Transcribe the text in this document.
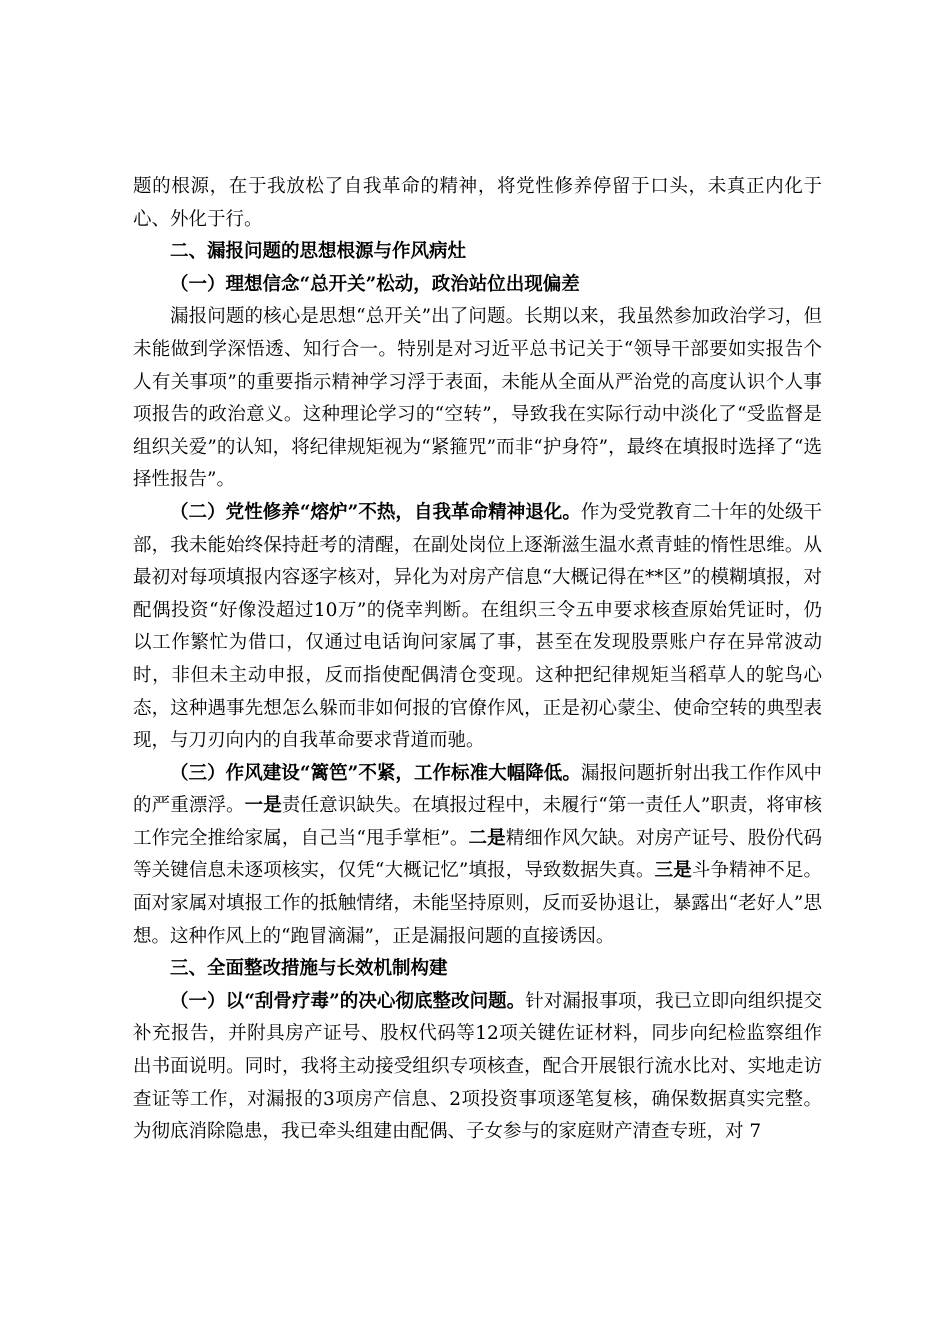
题的根源，在于我放松了自我革命的精神，将党性修养停留于口头，未真正内化于心、外化于行。

二、漏报问题的思想根源与作风病灶

（一）理想信念“总开关”松动，政治站位出现偏差

漏报问题的核心是思想“总开关”出了问题。长期以来，我虽然参加政治学习，但未能做到学深悟透、知行合一。特别是对习近平总书记关于“领导干部要如实报告个人有关事项”的重要指示精神学习浮于表面，未能从全面从严治党的高度认识个人事项报告的政治意义。这种理论学习的“空转”，导致我在实际行动中淡化了“受监督是组织关爱”的认知，将纪律规矩视为“紧箍咒”而非“护身符”，最终在填报时选择了“选择性报告”。

（二）党性修养“熔炉”不热，自我革命精神退化。作为受党教育二十年的处级干部，我未能始终保持赶考的清醒，在副处岗位上逐渐滋生温水煮青蛙的惰性思维。从最初对每项填报内容逐字核对，异化为对房产信息“大概记得在**区”的模糊填报，对配偶投资“好像没超过10万”的侥幸判断。在组织三令五申要求核查原始凭证时，仍以工作繁忙为借口，仅通过电话询问家属了事，甚至在发现股票账户存在异常波动时，非但未主动申报，反而指使配偶清仓变现。这种把纪律规矩当稻草人的鸵鸟心态，这种遇事先想怎么躲而非如何报的官僚作风，正是初心蒙尘、使命空转的典型表现，与刀刃向内的自我革命要求背道而驰。

（三）作风建设“篱笆”不紧，工作标准大幅降低。漏报问题折射出我工作作风中的严重漂浮。一是责任意识缺失。在填报过程中，未履行“第一责任人”职责，将审核工作完全推给家属，自己当“甩手掌柜”。二是精细作风欠缺。对房产证号、股份代码等关键信息未逐项核实，仅凭“大概记忆”填报，导致数据失真。三是斗争精神不足。面对家属对填报工作的抵触情绪，未能坚持原则，反而妥协退让，暴露出“老好人”思想。这种作风上的“跑冒滴漏”，正是漏报问题的直接诱因。

三、全面整改措施与长效机制构建

（一）以“刮骨疗毒”的决心彻底整改问题。针对漏报事项，我已立即向组织提交补充报告，并附具房产证号、股权代码等12项关键佐证材料，同步向纪检监察组作出书面说明。同时，我将主动接受组织专项核查，配合开展银行流水比对、实地走访查证等工作，对漏报的3项房产信息、2项投资事项逐笔复核，确保数据真实完整。为彻底消除隐患，我已牵头组建由配偶、子女参与的家庭财产清查专班，对 7
